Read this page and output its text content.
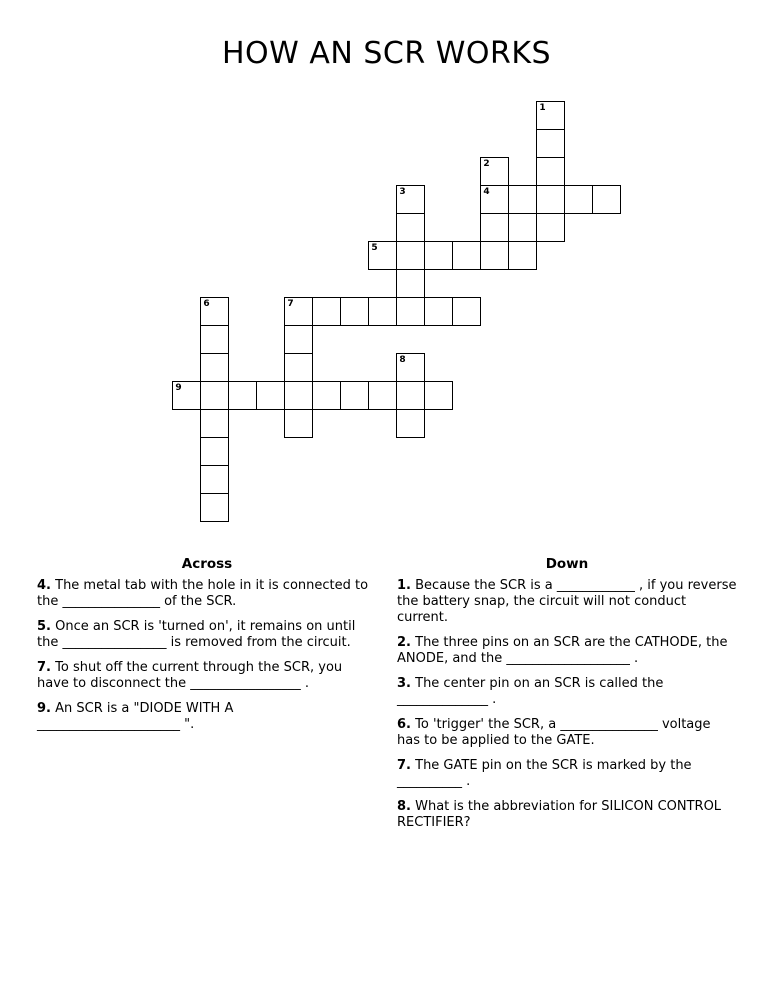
HOW AN SCR WORKS
1
2
3	4
5
6	7
8
9
Across
4. The metal tab with the hole in it is connected to the _______________ of the SCR.
5. Once an SCR is 'turned on', it remains on until the ________________ is removed from the circuit.
7. To shut off the current through the SCR, you have to disconnect the _________________ .
9. An SCR is a "DIODE WITH A ______________________ ".
Down
1. Because the SCR is a ____________ , if you reverse the battery snap, the circuit will not conduct current.
2. The three pins on an SCR are the CATHODE, the ANODE, and the ___________________ .
3. The center pin on an SCR is called the ______________ .
6. To 'trigger' the SCR, a _______________ voltage has to be applied to the GATE.
7. The GATE pin on the SCR is marked by the __________ .
8. What is the abbreviation for SILICON CONTROL RECTIFIER?
